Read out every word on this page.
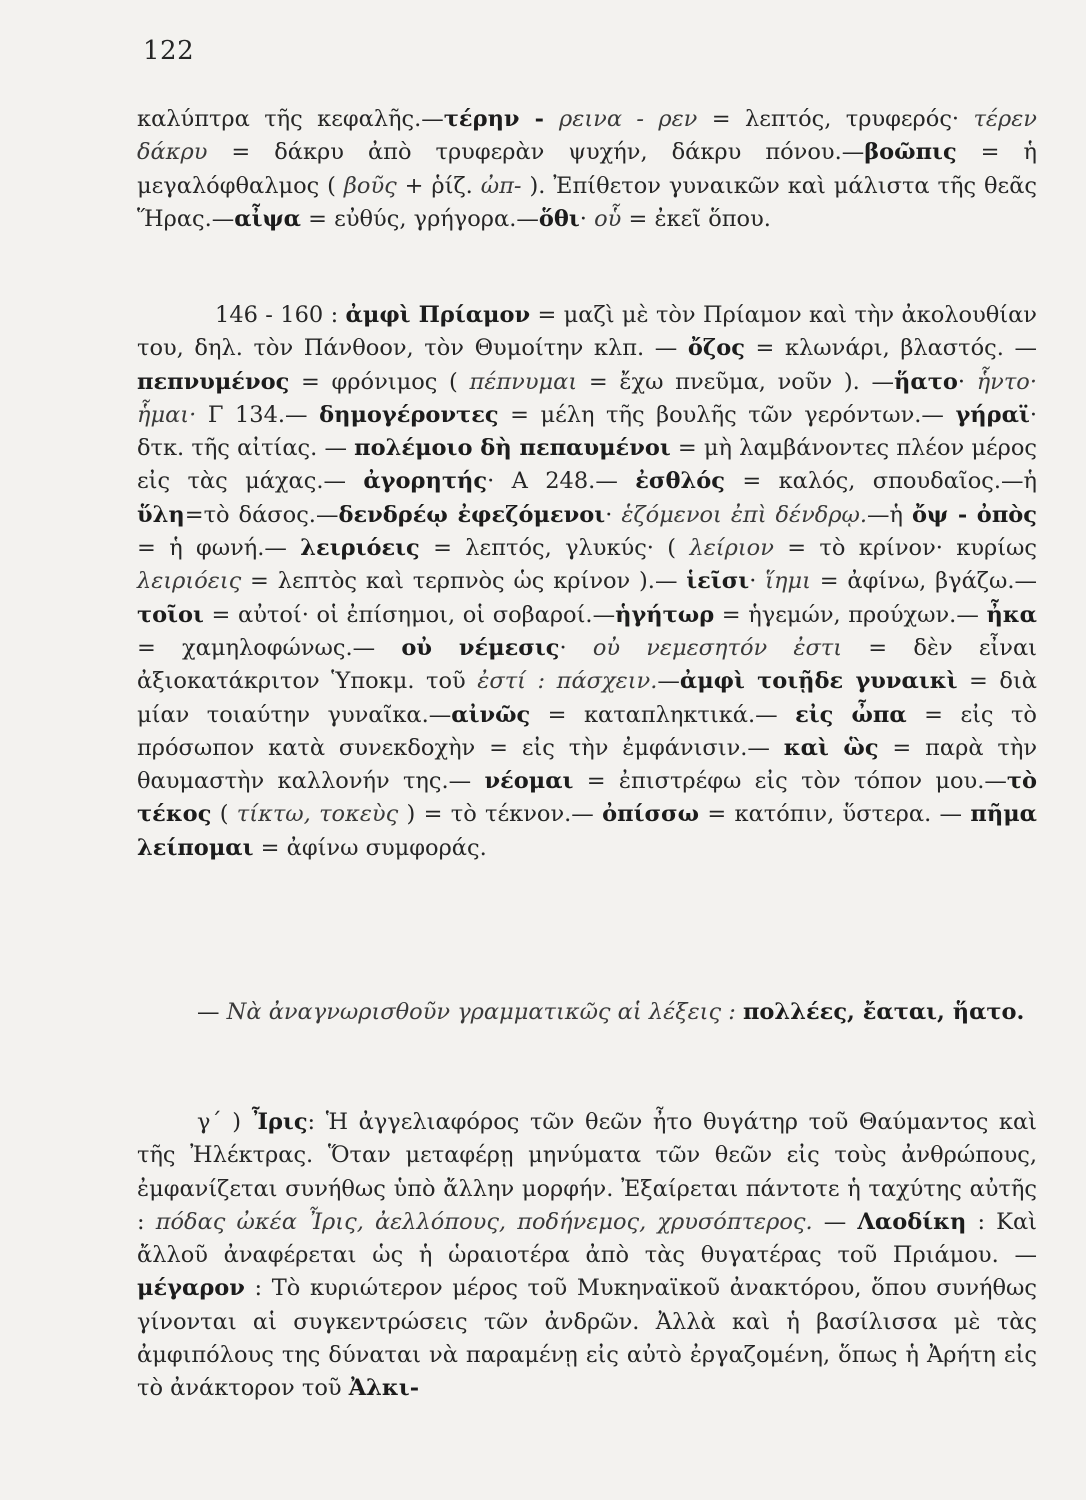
122
καλύπτρα τῆς κεφαλῆς.—τέρην - ρεινα - ρεν = λεπτός, τρυφερός· τέρεν δάκρυ = δάκρυ ἀπὸ τρυφερὰν ψυχήν, δάκρυ πόνου.—βοῶπις = ἡ μεγαλόφθαλμος ( βοῦς + ῥίζ. ὠπ- ). Ἐπίθετον γυναικῶν καὶ μάλιστα τῆς θεᾶς Ἥρας.—αἶψα = εὐθύς, γρήγορα.—ὅθι· οὗ = ἐκεῖ ὅπου.
146 - 160 : ἀμφὶ Πρίαμον = μαζὶ μὲ τὸν Πρίαμον καὶ τὴν ἀκολουθίαν του, δηλ. τὸν Πάνθοον, τὸν Θυμοίτην κλπ. — ὄζος = κλωνάρι, βλαστός. — πεπνυμένος = φρόνιμος ( πέπνυμαι = ἔχω πνεῦμα, νοῦν ). —ἥατο· ἧντο· ἧμαι· Γ 134.— δημογέροντες = μέλη τῆς βουλῆς τῶν γερόντων.— γήραϊ· δτκ. τῆς αἰτίας. — πολέμοιο δὴ πεπαυμένοι = μὴ λαμβάνοντες πλέον μέρος εἰς τὰς μάχας.— ἀγορητής· Α 248.— ἐσθλός = καλός, σπουδαῖος.—ἡ ὕλη=τὸ δάσος.—δενδρέῳ ἐφεζόμενοι· ἑζόμενοι ἐπὶ δένδρῳ.—ἡ ὄψ - ὀπὸς = ἡ φωνή.— λειριόεις = λεπτός, γλυκύς· ( λείριον = τὸ κρίνον· κυρίως λειριόεις = λεπτὸς καὶ τερπνὸς ὡς κρίνον ).— ἱεῖσι· ἵημι = ἀφίνω, βγάζω.— τοῖοι = αὐτοί· οἱ ἐπίσημοι, οἱ σοβαροί.—ἡγήτωρ = ἡγεμών, προύχων.— ἦκα = χαμηλοφώνως.— οὐ νέμεσις· οὐ νεμεσητόν ἐστι = δὲν εἶναι ἀξιοκατάκριτον Ὑποκμ. τοῦ ἐστί : πάσχειν.—ἀμφὶ τοιῇδε γυναικὶ = διὰ μίαν τοιαύτην γυναῖκα.—αἰνῶς = καταπληκτικά.— εἰς ὦπα = εἰς τὸ πρόσωπον κατὰ συνεκδοχὴν = εἰς τὴν ἐμφάνισιν.— καὶ ὣς = παρὰ τὴν θαυμαστὴν καλλονήν της.— νέομαι = ἐπιστρέφω εἰς τὸν τόπον μου.—τὸ τέκος ( τίκτω, τοκεὺς ) = τὸ τέκνον.— ὀπίσσω = κατόπιν, ὕστερα. — πῆμα λείπομαι = ἀφίνω συμφοράς.
— Νὰ ἀναγνωρισθοῦν γραμματικῶς αἱ λέξεις : πολλέες, ἔαται, ἥατο.
γ΄ ) Ἶρις: Ἡ ἀγγελιαφόρος τῶν θεῶν ἦτο θυγάτηρ τοῦ Θαύμαντος καὶ τῆς Ἠλέκτρας. Ὅταν μεταφέρῃ μηνύματα τῶν θεῶν εἰς τοὺς ἀνθρώπους, ἐμφανίζεται συνήθως ὑπὸ ἄλλην μορφήν. Ἐξαίρεται πάντοτε ἡ ταχύτης αὐτῆς : πόδας ὠκέα Ἶρις, ἀελλόπους, ποδήνεμος, χρυσόπτερος. — Λαοδίκη : Καὶ ἄλλοῦ ἀναφέρεται ὡς ἡ ὡραιοτέρα ἀπὸ τὰς θυγατέρας τοῦ Πριάμου. — μέγαρον : Τὸ κυριώτερον μέρος τοῦ Μυκηναϊκοῦ ἀνακτόρου, ὅπου συνήθως γίνονται αἱ συγκεντρώσεις τῶν ἀνδρῶν. Ἀλλὰ καὶ ἡ βασίλισσα μὲ τὰς ἀμφιπόλους της δύναται νὰ παραμένῃ εἰς αὐτὸ ἐργαζομένη, ὅπως ἡ Ἀρήτη εἰς τὸ ἀνάκτορον τοῦ Ἀλκι-
